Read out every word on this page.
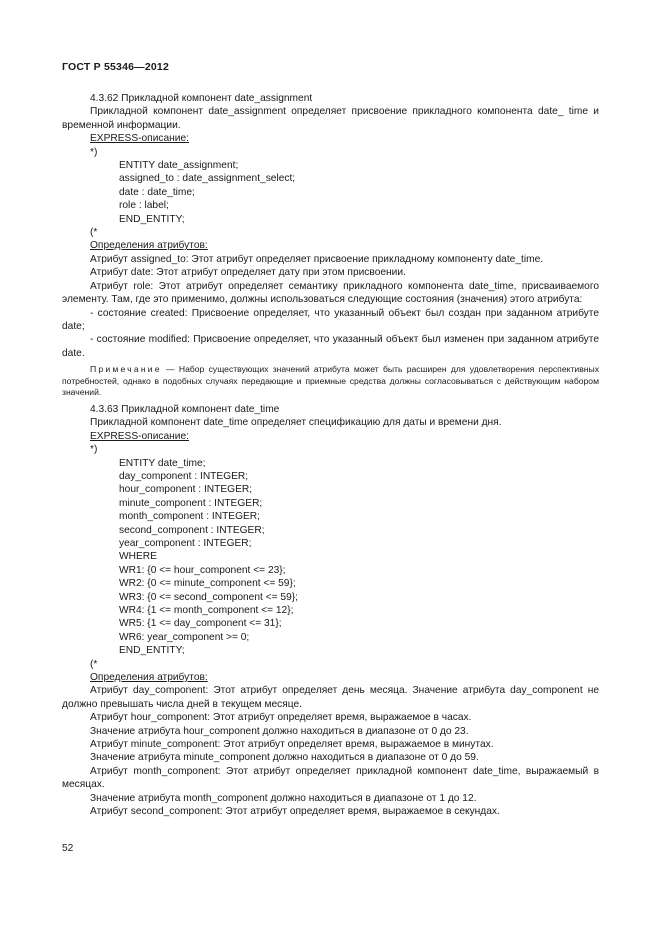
ГОСТ Р 55346—2012

4.3.62 Прикладной компонент date_assignment

Прикладной компонент date_assignment определяет присвоение прикладного компонента date_ time и временной информации.

EXPRESS-описание:

*)

ENTITY date_assignment;

assigned_to : date_assignment_select;

date : date_time;

role : label;

END_ENTITY;

(*

Определения атрибутов:

Атрибут assigned_to: Этот атрибут определяет присвоение прикладному компоненту date_time.

Атрибут date: Этот атрибут определяет дату при этом присвоении.

Атрибут role: Этот атрибут определяет семантику прикладного компонента date_time, присваиваемого элементу. Там, где это применимо, должны использоваться следующие состояния (значения) этого атрибута:

- состояние created: Присвоение определяет, что указанный объект был создан при заданном атрибуте date;

- состояние modified: Присвоение определяет, что указанный объект был изменен при заданном атрибуте date.

Примечание — Набор существующих значений атрибута может быть расширен для удовлетворения перспективных потребностей, однако в подобных случаях передающие и приемные средства должны согласовываться с действующим набором значений.

4.3.63 Прикладной компонент date_time

Прикладной компонент date_time определяет спецификацию для даты и времени дня.

EXPRESS-описание:

*)

ENTITY date_time;

day_component : INTEGER;

hour_component : INTEGER;

minute_component : INTEGER;

month_component : INTEGER;

second_component : INTEGER;

year_component : INTEGER;

WHERE

WR1: {0 <= hour_component <= 23};

WR2: {0 <= minute_component <= 59};

WR3: {0 <= second_component <= 59};

WR4: {1 <= month_component <= 12};

WR5: {1 <= day_component <= 31};

WR6: year_component >= 0;

END_ENTITY;

(*

Определения атрибутов:

Атрибут day_component: Этот атрибут определяет день месяца. Значение атрибута day_component не должно превышать числа дней в текущем месяце.

Атрибут hour_component: Этот атрибут определяет время, выражаемое в часах.

Значение атрибута hour_component должно находиться в диапазоне от 0 до 23.

Атрибут minute_component: Этот атрибут определяет время, выражаемое в минутах.

Значение атрибута minute_component должно находиться в диапазоне от 0 до 59.

Атрибут month_component: Этот атрибут определяет прикладной компонент date_time, выражаемый в месяцах.

Значение атрибута month_component должно находиться в диапазоне от 1 до 12.

Атрибут second_component: Этот атрибут определяет время, выражаемое в секундах.

52
